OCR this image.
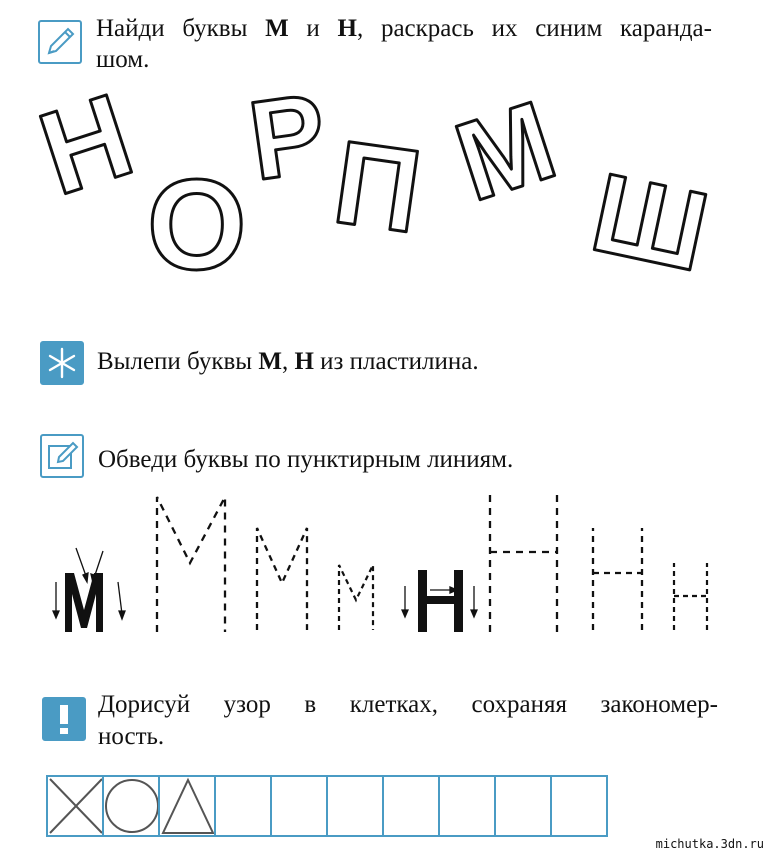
Найди буквы М и Н, раскрась их синим каранда-
шом.
Н
О
Р
П М Ш
Вылепи буквы М, Н из пластилина.
Обведи буквы по пунктирным линиям.
Дорисуй узор в клетках, сохраняя закономер-
ность.
michutka.3dn.ru
